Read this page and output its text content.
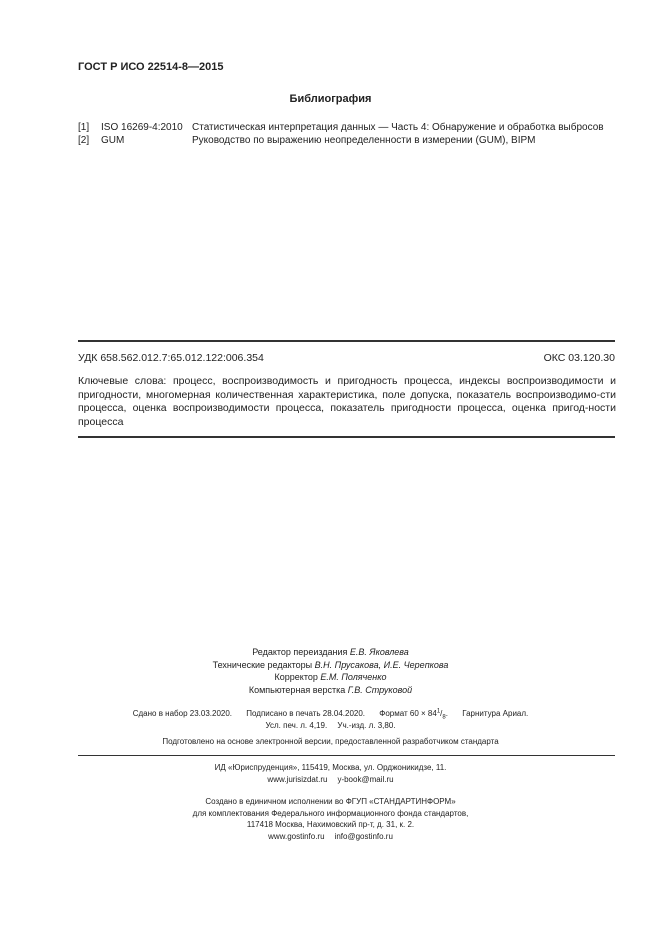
ГОСТ Р ИСО 22514-8—2015
Библиография
[1] ISO 16269-4:2010 Статистическая интерпретация данных — Часть 4: Обнаружение и обработка выбросов
[2] GUM	Руководство по выражению неопределенности в измерении (GUM), BIPM
УДК 658.562.012.7:65.012.122:006.354	ОКС 03.120.30
Ключевые слова: процесс, воспроизводимость и пригодность процесса, индексы воспроизводимости и пригодности, многомерная количественная характеристика, поле допуска, показатель воспроизводимо-сти процесса, оценка воспроизводимости процесса, показатель пригодности процесса, оценка пригод-ности процесса
Редактор переиздания Е.В. Яковлева
Технические редакторы В.Н. Прусакова, И.Е. Черепкова
Корректор Е.М. Поляченко
Компьютерная верстка Г.В. Струковой
Сдано в набор 23.03.2020. Подписано в печать 28.04.2020. Формат $60 \times 84^1/_8$. Гарнитура Ариал.
Усл. печ. л. 4,19. Уч.-изд. л. 3,80.
Подготовлено на основе электронной версии, предоставленной разработчиком стандарта
ИД «Юриспруденция», 115419, Москва, ул. Орджоникидзе, 11.
www.jurisizdat.ru y-book@mail.ru
Создано в единичном исполнении во ФГУП «СТАНДАРТИНФОРМ»
для комплектования Федерального информационного фонда стандартов,
117418 Москва, Нахимовский пр-т, д. 31, к. 2.
www.gostinfo.ru info@gostinfo.ru
